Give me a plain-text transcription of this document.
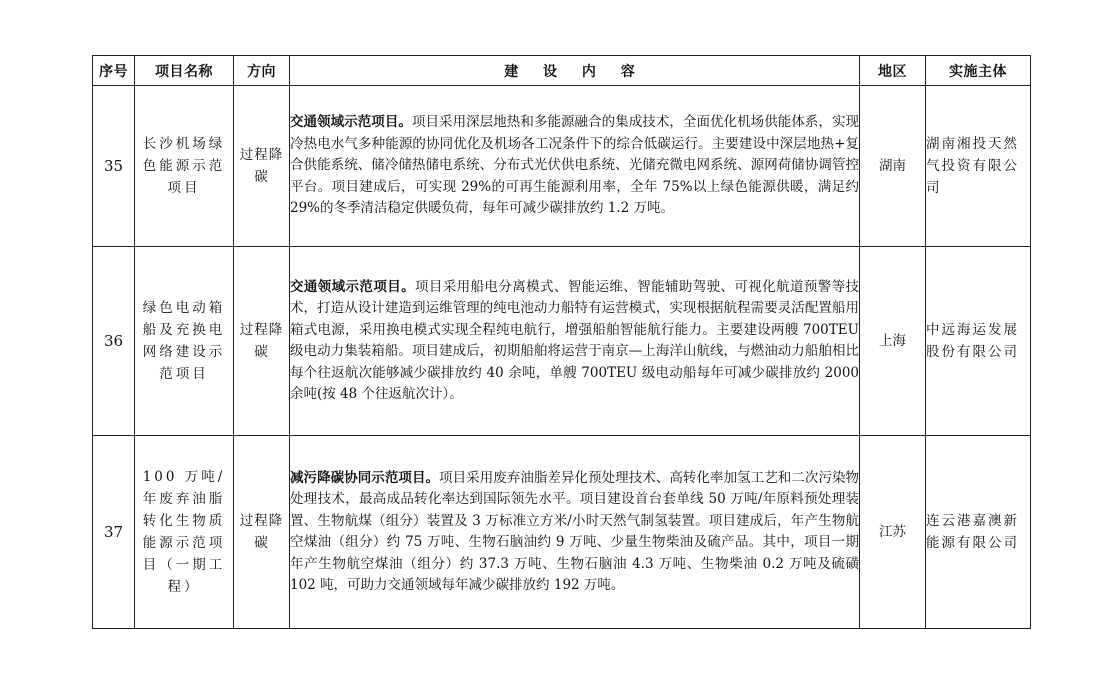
序号	项目名称	方向	建 设 内 容	地区	实施主体
35	长沙机场绿色能源示范项目	过程降碳	交通领域示范项目。项目采用深层地热和多能源融合的集成技术，全面优化机场供能体系，实现冷热电水气多种能源的协同优化及机场各工况条件下的综合低碳运行。主要建设中深层地热+复合供能系统、储冷储热储电系统、分布式光伏供电系统、光储充微电网系统、源网荷储协调管控平台。项目建成后，可实现 29%的可再生能源利用率，全年 75%以上绿色能源供暖，满足约 29%的冬季清洁稳定供暖负荷，每年可减少碳排放约 1.2 万吨。	湖南	湖南湘投天然气投资有限公司
36	绿色电动箱船及充换电网络建设示范项目	过程降碳	交通领域示范项目。项目采用船电分离模式、智能运维、智能辅助驾驶、可视化航道预警等技术，打造从设计建造到运维管理的纯电池动力船特有运营模式，实现根据航程需要灵活配置船用箱式电源，采用换电模式实现全程纯电航行，增强船舶智能航行能力。主要建设两艘 700TEU 级电动力集装箱船。项目建成后，初期船舶将运营于南京—上海洋山航线，与燃油动力船舶相比每个往返航次能够减少碳排放约 40 余吨，单艘 700TEU 级电动船每年可减少碳排放约 2000 余吨(按 48 个往返航次计）。	上海	中远海运发展股份有限公司
37	100 万吨/年废弃油脂转化生物质能源示范项目（一期工程）	过程降碳	减污降碳协同示范项目。项目采用废弃油脂差异化预处理技术、高转化率加氢工艺和二次污染物处理技术，最高成品转化率达到国际领先水平。项目建设首台套单线 50 万吨/年原料预处理装置、生物航煤（组分）装置及 3 万标准立方米/小时天然气制氢装置。项目建成后，年产生物航空煤油（组分）约 75 万吨、生物石脑油约 9 万吨、少量生物柴油及硫产品。其中，项目一期年产生物航空煤油（组分）约 37.3 万吨、生物石脑油 4.3 万吨、生物柴油 0.2 万吨及硫磺 102 吨，可助力交通领域每年减少碳排放约 192 万吨。	江苏	连云港嘉澳新能源有限公司
